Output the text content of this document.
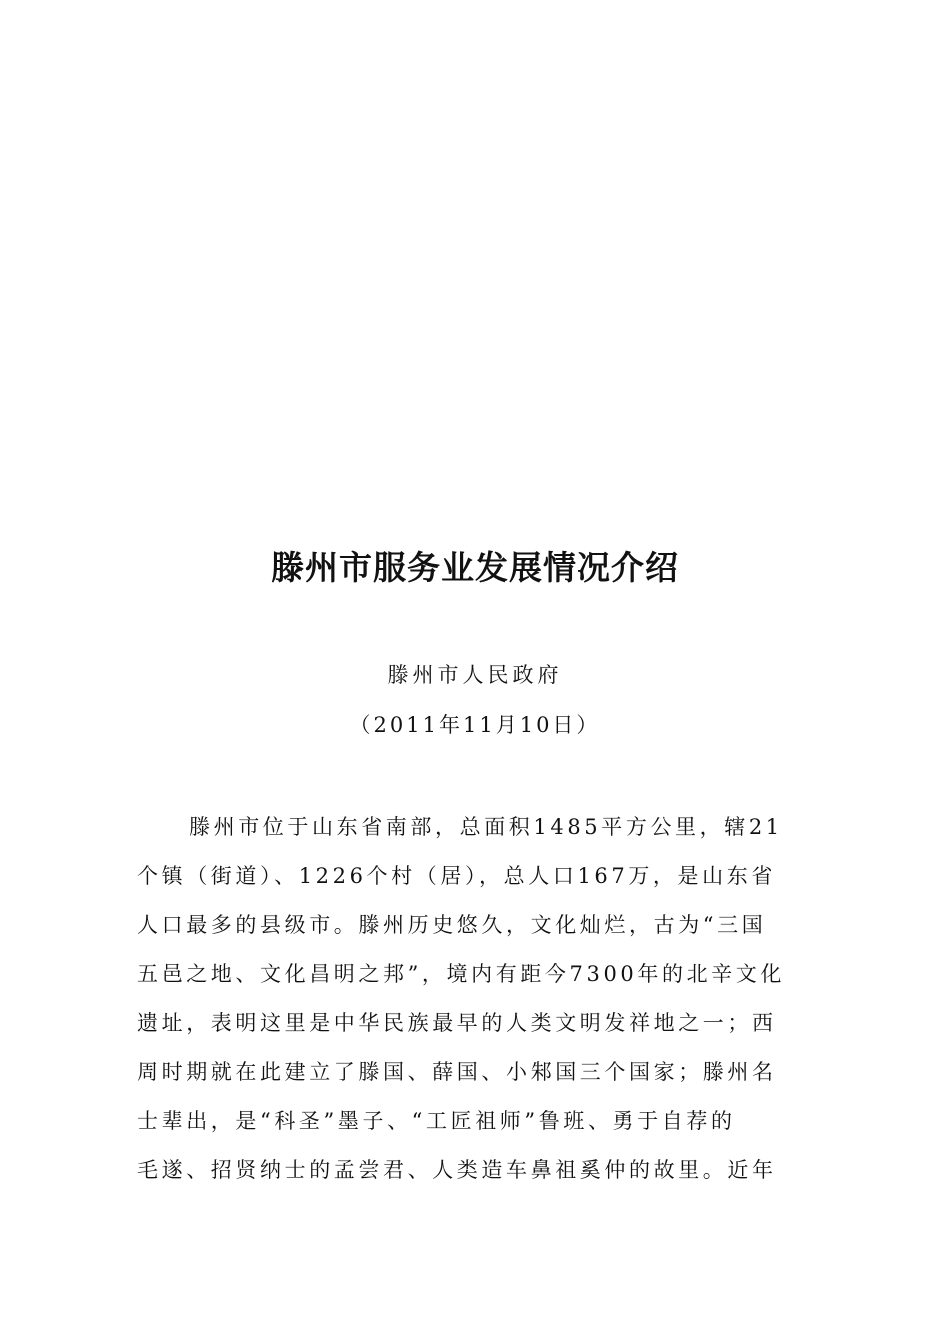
滕州市服务业发展情况介绍

滕州市人民政府

（2011年11月10日）

滕州市位于山东省南部，总面积1485平方公里，辖21
个镇（街道）、1226个村（居），总人口167万，是山东省
人口最多的县级市。滕州历史悠久，文化灿烂，古为“三国
五邑之地、文化昌明之邦”，境内有距今7300年的北辛文化
遗址，表明这里是中华民族最早的人类文明发祥地之一；西
周时期就在此建立了滕国、薛国、小邾国三个国家；滕州名
士辈出，是“科圣”墨子、“工匠祖师”鲁班、勇于自荐的
毛遂、招贤纳士的孟尝君、人类造车鼻祖奚仲的故里。近年
